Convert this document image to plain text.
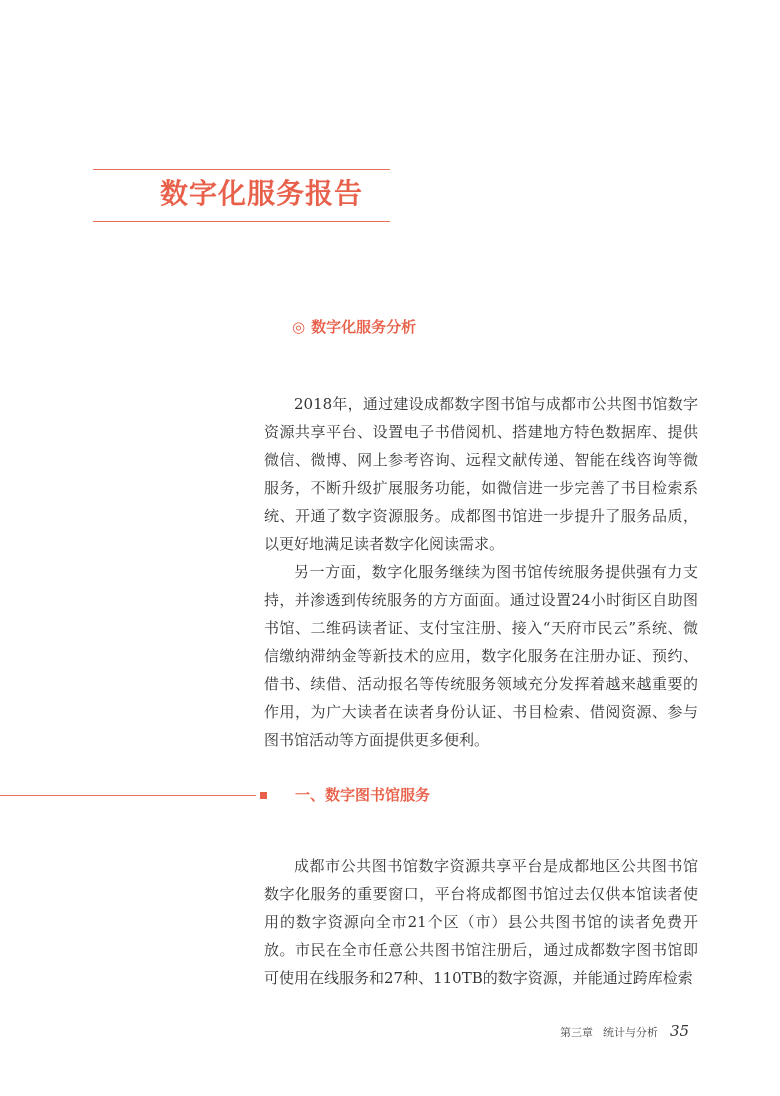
数字化服务报告
◎ 数字化服务分析

2018年，通过建设成都数字图书馆与成都市公共图书馆数字资源共享平台、设置电子书借阅机、搭建地方特色数据库、提供微信、微博、网上参考咨询、远程文献传递、智能在线咨询等微服务，不断升级扩展服务功能，如微信进一步完善了书目检索系统、开通了数字资源服务。成都图书馆进一步提升了服务品质，以更好地满足读者数字化阅读需求。

另一方面，数字化服务继续为图书馆传统服务提供强有力支持，并渗透到传统服务的方方面面。通过设置24小时街区自助图书馆、二维码读者证、支付宝注册、接入“天府市民云”系统、微信缴纳滞纳金等新技术的应用，数字化服务在注册办证、预约、借书、续借、活动报名等传统服务领域充分发挥着越来越重要的作用，为广大读者在读者身份认证、书目检索、借阅资源、参与图书馆活动等方面提供更多便利。

一、数字图书馆服务

成都市公共图书馆数字资源共享平台是成都地区公共图书馆数字化服务的重要窗口，平台将成都图书馆过去仅供本馆读者使用的数字资源向全市21个区（市）县公共图书馆的读者免费开放。市民在全市任意公共图书馆注册后，通过成都数字图书馆即可使用在线服务和27种、110TB的数字资源，并能通过跨库检索

第三章 统计与分析 35
